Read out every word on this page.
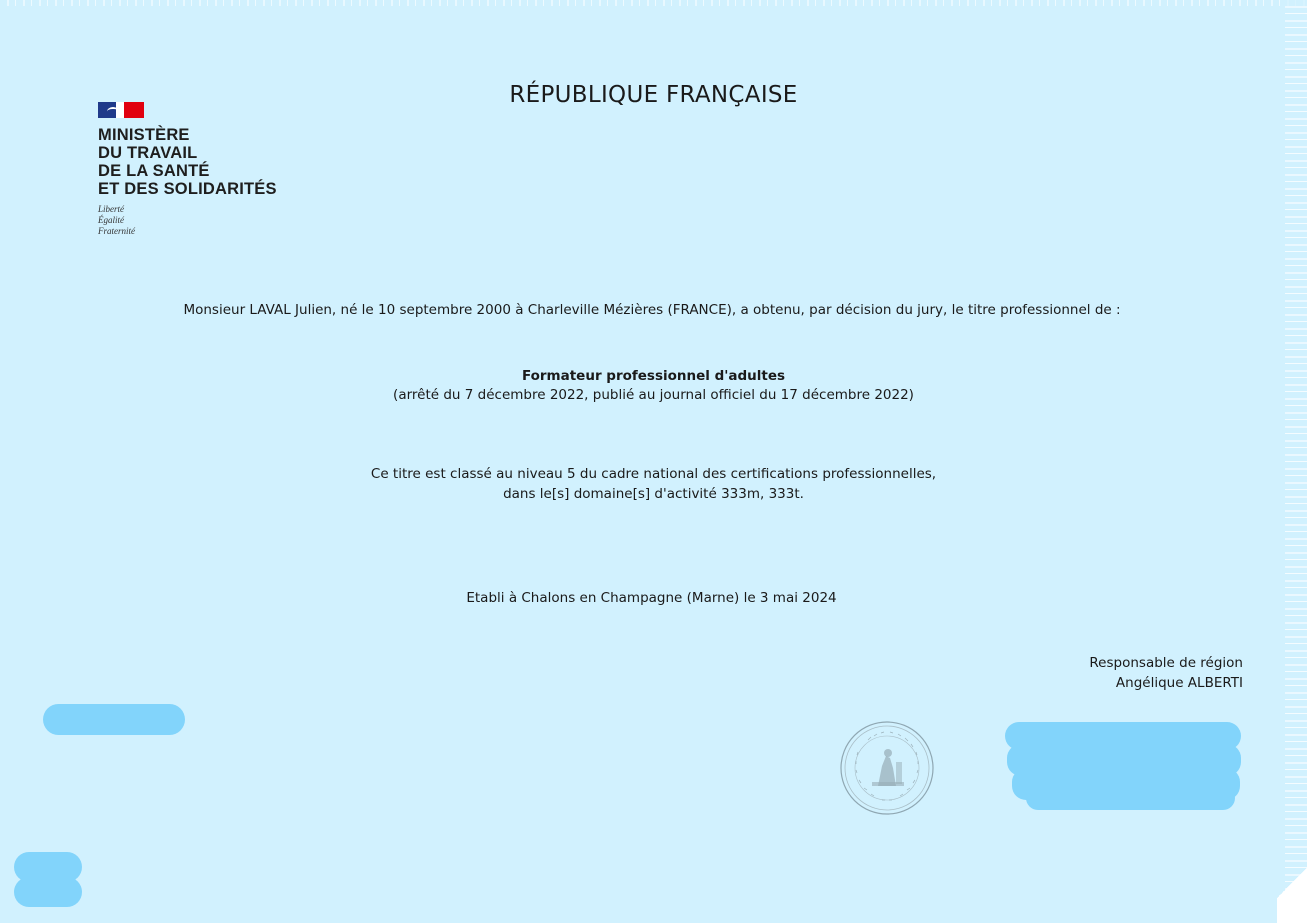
MINISTÈRE
DU TRAVAIL
DE LA SANTÉ
ET DES SOLIDARITÉS
Liberté
Égalité
Fraternité
RÉPUBLIQUE FRANÇAISE
Monsieur LAVAL Julien, né le 10 septembre 2000 à Charleville Mézières (FRANCE), a obtenu, par décision du jury, le titre professionnel de :
Formateur professionnel d'adultes
(arrêté du 7 décembre 2022, publié au journal officiel du 17 décembre 2022)
Ce titre est classé au niveau 5 du cadre national des certifications professionnelles,
dans le[s] domaine[s] d'activité 333m, 333t.
Etabli à Chalons en Champagne (Marne) le 3 mai 2024
Responsable de région
Angélique ALBERTI
